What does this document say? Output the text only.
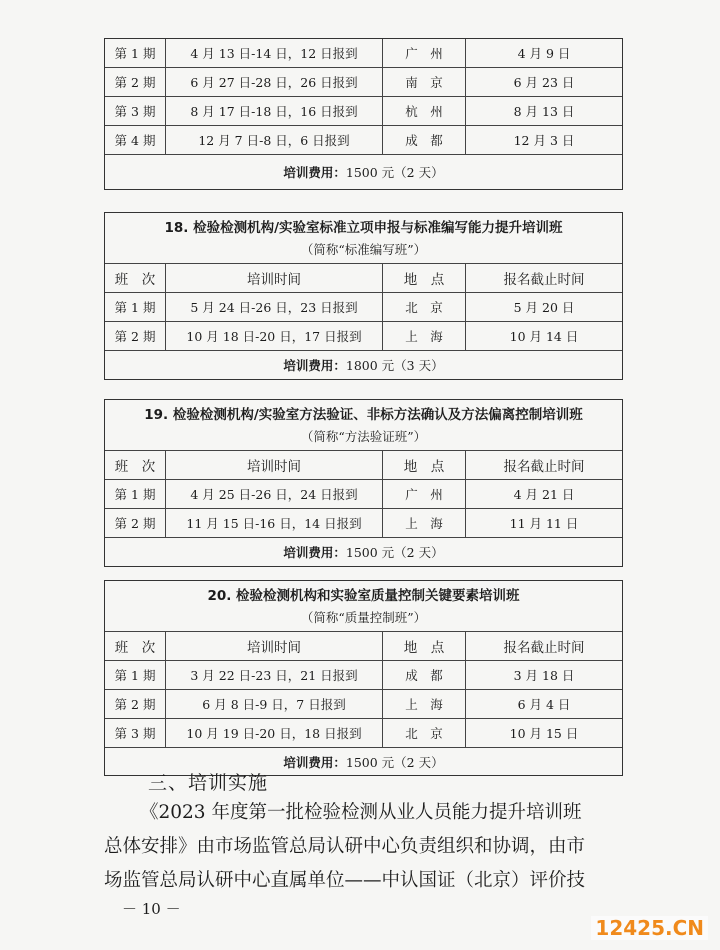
第 1 期	4 月 13 日-14 日，12 日报到	广　州	4 月 9 日
第 2 期	6 月 27 日-28 日，26 日报到	南　京	6 月 23 日
第 3 期	8 月 17 日-18 日，16 日报到	杭　州	8 月 13 日
第 4 期	12 月 7 日-8 日，6 日报到	成　都	12 月 3 日
培训费用： 1500 元（2 天）
18. 检验检测机构/实验室标准立项申报与标准编写能力提升培训班
（简称“标准编写班”）
班　次	培训时间	地　点	报名截止时间
第 1 期	5 月 24 日-26 日，23 日报到	北　京	5 月 20 日
第 2 期	10 月 18 日-20 日，17 日报到	上　海	10 月 14 日
培训费用： 1800 元（3 天）
19. 检验检测机构/实验室方法验证、非标方法确认及方法偏离控制培训班
（简称“方法验证班”）
班　次	培训时间	地　点	报名截止时间
第 1 期	4 月 25 日-26 日，24 日报到	广　州	4 月 21 日
第 2 期	11 月 15 日-16 日，14 日报到	上　海	11 月 11 日
培训费用： 1500 元（2 天）
20. 检验检测机构和实验室质量控制关键要素培训班
（简称“质量控制班”）
班　次	培训时间	地　点	报名截止时间
第 1 期	3 月 22 日-23 日，21 日报到	成　都	3 月 18 日
第 2 期	6 月 8 日-9 日，7 日报到	上　海	6 月 4 日
第 3 期	10 月 19 日-20 日，18 日报到	北　京	10 月 15 日
培训费用： 1500 元（2 天）
三、培训实施
《2023 年度第一批检验检测从业人员能力提升培训班
总体安排》由市场监管总局认研中心负责组织和协调，由市
场监管总局认研中心直属单位——中认国证（北京）评价技
－ 10 －
12425.CN
